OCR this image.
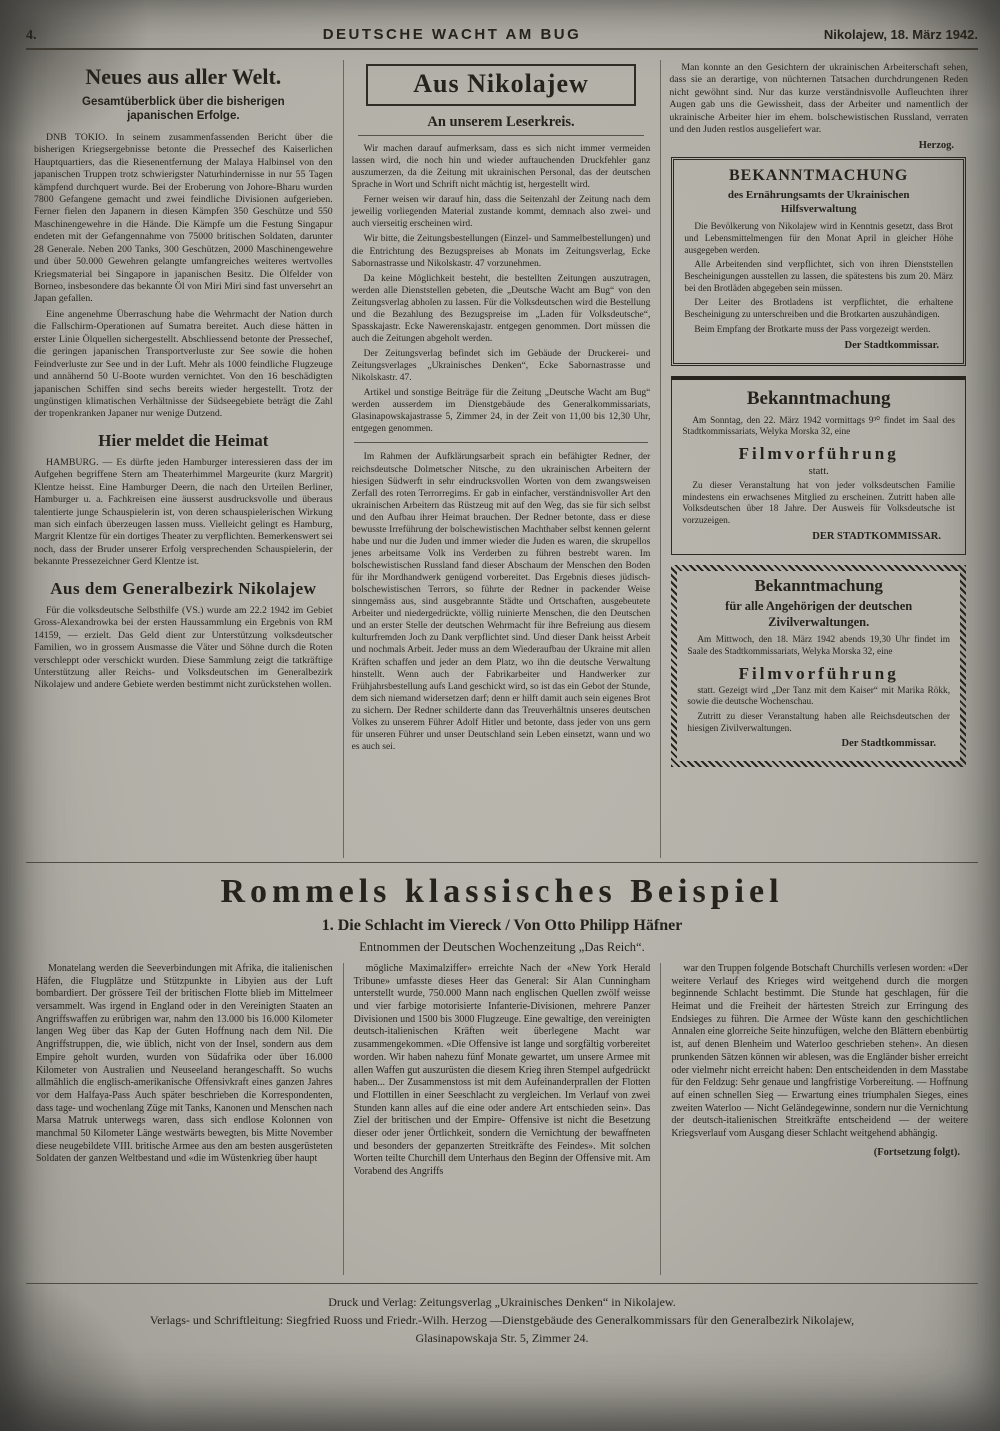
4.	DEUTSCHE WACHT AM BUG	Nikolajew, 18. März 1942.
Neues aus aller Welt.
Gesamtüberblick über die bisherigen japanischen Erfolge.

DNB TOKIO. In seinem zusammenfassenden Bericht über die bisherigen Kriegsergebnisse betonte die Pressechef des Kaiserlichen Hauptquartiers, das die Riesenentfernung der Malaya Halbinsel von den japanischen Truppen trotz schwierigster Naturhindernisse in nur 55 Tagen kämpfend durchquert wurde. Bei der Eroberung von Johore-Bharu wurden 7800 Gefangene gemacht und zwei feindliche Divisionen aufgerieben. Ferner fielen den Japanern in diesen Kämpfen 350 Geschütze und 550 Maschinengewehre in die Hände. Die Kämpfe um die Festung Singapur endeten mit der Gefangennahme von 75000 britischen Soldaten, darunter 28 Generale. Neben 200 Tanks, 300 Geschützen, 2000 Maschinengewehre und über 50.000 Gewehren gelangte umfangreiches weiteres wertvolles Kriegsmaterial bei Singapore in japanischen Besitz. Die Ölfelder von Borneo, insbesondere das bekannte Öl von Miri Miri sind fast unversehrt an Japan gefallen.

Eine angenehme Überraschung habe die Wehrmacht der Nation durch die Fallschirm-Operationen auf Sumatra bereitet. Auch diese hätten in erster Linie Ölquellen sichergestellt. Abschliessend betonte der Pressechef, die geringen japanischen Transportverluste zur See sowie die hohen Feindverluste zur See und in der Luft. Mehr als 1000 feindliche Flugzeuge und annähernd 50 U-Boote wurden vernichtet. Von den 16 beschädigten japanischen Schiffen sind sechs bereits wieder hergestellt. Trotz der ungünstigen klimatischen Verhältnisse der Südseegebiete beträgt die Zahl der tropenkranken Japaner nur wenige Dutzend.

Hier meldet die Heimat

HAMBURG. — Es dürfte jeden Hamburger interessieren dass der im Aufgehen begriffene Stern am Theaterhimmel Margeurite (kurz Margrit) Klentze heisst. Eine Hamburger Deern, die nach den Urteilen Berliner, Hamburger u. a. Fachkreisen eine äusserst ausdrucksvolle und überaus talentierte junge Schauspielerin ist, von deren schauspielerischen Wirkung man sich einfach überzeugen lassen muss. Vielleicht gelingt es Hamburg, Margrit Klentze für ein dortiges Theater zu verpflichten. Bemerkenswert sei noch, dass der Bruder unserer Erfolg versprechenden Schauspielerin, der bekannte Pressezeichner Gerd Klentze ist.

Aus dem Generalbezirk Nikolajew

Für die volksdeutsche Selbsthilfe (VS.) wurde am 22.2 1942 im Gebiet Gross-Alexandrowka bei der ersten Haussammlung ein Ergebnis von RM 14159, — erzielt. Das Geld dient zur Unterstützung volksdeutscher Familien, wo in grossem Ausmasse die Väter und Söhne durch die Roten verschleppt oder verschickt wurden. Diese Sammlung zeigt die tatkräftige Unterstützung aller Reichs- und Volksdeutschen im Generalbezirk Nikolajew und andere Gebiete werden bestimmt nicht zurückstehen wollen.

Aus Nikolajew
An unserem Leserkreis.

Wir machen darauf aufmerksam, dass es sich nicht immer vermeiden lassen wird, die noch hin und wieder auftauchenden Druckfehler ganz auszumerzen, da die Zeitung mit ukrainischen Personal, das der deutschen Sprache in Wort und Schrift nicht mächtig ist, hergestellt wird.

Ferner weisen wir darauf hin, dass die Seitenzahl der Zeitung nach dem jeweilig vorliegenden Material zustande kommt, demnach also zwei- und auch vierseitig erscheinen wird.

Wir bitte, die Zeitungsbestellungen (Einzel- und Sammelbestellungen) und die Entrichtung des Bezugspreises ab Monats im Zeitungsverlag, Ecke Sabornastrasse und Nikolskastr. 47 vorzunehmen.

Da keine Möglichkeit besteht, die bestellten Zeitungen auszutragen, werden alle Dienststellen gebeten, die „Deutsche Wacht am Bug“ von den Zeitungsverlag abholen zu lassen. Für die Volksdeutschen wird die Bestellung und die Bezahlung des Bezugspreise im „Laden für Volksdeutsche“, Spasskajastr. Ecke Nawerenskajastr. entgegen genommen. Dort müssen die auch die Zeitungen abgeholt werden.

Der Zeitungsverlag befindet sich im Gebäude der Druckerei- und Zeitungsverlages „Ukrainisches Denken“, Ecke Sabornastrasse und Nikolskastr. 47.

Artikel und sonstige Beiträge für die Zeitung „Deutsche Wacht am Bug“ werden ausserdem im Dienstgebäude des Generalkommissariats, Glasinapowskajastrasse 5, Zimmer 24, in der Zeit von 11,00 bis 12,30 Uhr, entgegen genommen.

Im Rahmen der Aufklärungsarbeit sprach ein befähigter Redner, der reichsdeutsche Dolmetscher Nitsche, zu den ukrainischen Arbeitern der hiesigen Südwerft in sehr eindrucksvollen Worten von dem zwangsweisen Zerfall des roten Terrorregims. Er gab in einfacher, verständnisvoller Art den ukrainischen Arbeitern das Rüstzeug mit auf den Weg, das sie für sich selbst und den Aufbau ihrer Heimat brauchen. Der Redner betonte, dass er diese bewusste Irreführung der bolschewistischen Machthaber selbst kennen gelernt habe und nur die Juden und immer wieder die Juden es waren, die skrupellos jenes arbeitsame Volk ins Verderben zu führen bestrebt waren. Im bolschewistischen Russland fand dieser Abschaum der Menschen den Boden für ihr Mordhandwerk genügend vorbereitet. Das Ergebnis dieses jüdisch-bolschewistischen Terrors, so führte der Redner in packender Weise sinngemäss aus, sind ausgebrannte Städte und Ortschaften, ausgebeutete Arbeiter und niedergedrückte, völlig ruinierte Menschen, die den Deutschen und an erster Stelle der deutschen Wehrmacht für ihre Befreiung aus diesem kulturfremden Joch zu Dank verpflichtet sind. Und dieser Dank heisst Arbeit und nochmals Arbeit. Jeder muss an dem Wiederaufbau der Ukraine mit allen Kräften schaffen und jeder an dem Platz, wo ihn die deutsche Verwaltung hinstellt. Wenn auch der Fabrikarbeiter und Handwerker zur Frühjahrsbestellung aufs Land geschickt wird, so ist das ein Gebot der Stunde, dem sich niemand widersetzen darf; denn er hilft damit auch sein eigenes Brot zu sichern. Der Redner schilderte dann das Treuverhältnis unseres deutschen Volkes zu unserem Führer Adolf Hitler und betonte, dass jeder von uns gern für unseren Führer und unser Deutschland sein Leben einsetzt, wann und wo es auch sei.

Man konnte an den Gesichtern der ukrainischen Arbeiterschaft sehen, dass sie an derartige, von nüchternen Tatsachen durchdrungenen Reden nicht gewöhnt sind. Nur das kurze verständnisvolle Aufleuchten ihrer Augen gab uns die Gewissheit, dass der Arbeiter und namentlich der ukrainische Arbeiter hier im ehem. bolschewistischen Russland, verraten und den Juden restlos ausgeliefert war.

Herzog.
BEKANNTMACHUNG
des Ernährungsamts der Ukrainischen Hilfsverwaltung

Die Bevölkerung von Nikolajew wird in Kenntnis gesetzt, dass Brot und Lebensmittelmengen für den Monat April in gleicher Höhe ausgegeben werden.

Alle Arbeitenden sind verpflichtet, sich von ihren Dienststellen Bescheinigungen ausstellen zu lassen, die spätestens bis zum 20. März bei den Brotläden abgegeben sein müssen.

Der Leiter des Brotladens ist verpflichtet, die erhaltene Bescheinigung zu unterschreiben und die Brotkarten auszuhändigen.

Beim Empfang der Brotkarte muss der Pass vorgezeigt werden.

Der Stadtkommissar.
Bekanntmachung

Am Sonntag, den 22. März 1942 vormittags 9³⁰ findet im Saal des Stadtkommissariats, Welyka Morska 32, eine

Filmvorführung
statt.

Zu dieser Veranstaltung hat von jeder volksdeutschen Familie mindestens ein erwachsenes Mitglied zu erscheinen. Zutritt haben alle Volksdeutschen über 18 Jahre. Der Ausweis für Volksdeutsche ist vorzuzeigen.

DER STADTKOMMISSAR.
Bekanntmachung
für alle Angehörigen der deutschen Zivilverwaltungen.

Am Mittwoch, den 18. März 1942 abends 19,30 Uhr findet im Saale des Stadtkommissariats, Welyka Morska 32, eine

Filmvorführung

statt. Gezeigt wird „Der Tanz mit dem Kaiser“ mit Marika Rökk, sowie die deutsche Wochenschau.

Zutritt zu dieser Veranstaltung haben alle Reichsdeutschen der hiesigen Zivilverwaltungen.

Der Stadtkommissar.
Rommels klassisches Beispiel
1. Die Schlacht im Viereck / Von Otto Philipp Häfner
Entnommen der Deutschen Wochenzeitung „Das Reich“.

Monatelang werden die Seeverbindungen mit Afrika, die italienischen Häfen, die Flugplätze und Stützpunkte in Libyien aus der Luft bombardiert. Der grössere Teil der britischen Flotte blieb im Mittelmeer versammelt. Was irgend in England oder in den Vereinigten Staaten an Angriffswaffen zu erübrigen war, nahm den 13.000 bis 16.000 Kilometer langen Weg über das Kap der Guten Hoffnung nach dem Nil. Die Angriffstruppen, die, wie üblich, nicht von der Insel, sondern aus dem Empire geholt wurden, wurden von Südafrika oder über 16.000 Kilometer von Australien und Neuseeland herangeschafft. So wuchs allmählich die englisch-amerikanische Offensivkraft eines ganzen Jahres vor dem Halfaya-Pass Auch später beschrieben die Korrespondenten, dass tage- und wochenlang Züge mit Tanks, Kanonen und Menschen nach Marsa Matruk unterwegs waren, dass sich endlose Kolonnen von manchmal 50 Kilometer Länge westwärts bewegten, bis Mitte November diese neugebildete VIII. britische Armee aus den am besten ausgerüsteten Soldaten der ganzen Weltbestand und «die im Wüstenkrieg über haupt

mögliche Maximalziffer» erreichte Nach der «New York Herald Tribune» umfasste dieses Heer das General: Sir Alan Cunningham unterstellt wurde, 750.000 Mann nach englischen Quellen zwölf weisse und vier farbige motorisierte Infanterie-Divisionen, mehrere Panzer Divisionen und 1500 bis 3000 Flugzeuge. Eine gewaltige, den vereinigten deutsch-italienischen Kräften weit überlegene Macht war zusammengekommen. «Die Offensive ist lange und sorgfältig vorbereitet worden. Wir haben nahezu fünf Monate gewartet, um unsere Armee mit allen Waffen gut auszurüsten die diesem Krieg ihren Stempel aufgedrückt haben... Der Zusammenstoss ist mit dem Aufeinanderprallen der Flotten und Flottillen in einer Seeschlacht zu vergleichen. Im Verlauf von zwei Stunden kann alles auf die eine oder andere Art entschieden sein». Das Ziel der britischen und der Empire- Offensive ist nicht die Besetzung dieser oder jener Örtlichkeit, sondern die Vernichtung der bewaffneten und besonders der gepanzerten Streitkräfte des Feindes». Mit solchen Worten teilte Churchill dem Unterhaus den Beginn der Offensive mit. Am Vorabend des Angriffs

war den Truppen folgende Botschaft Churchills verlesen worden: «Der weitere Verlauf des Krieges wird weitgehend durch die morgen beginnende Schlacht bestimmt. Die Stunde hat geschlagen, für die Heimat und die Freiheit der härtesten Streich zur Erringung des Endsieges zu führen. Die Armee der Wüste kann den geschichtlichen Annalen eine glorreiche Seite hinzufügen, welche den Blättern ebenbürtig ist, auf denen Blenheim und Waterloo geschrieben stehen». An diesen prunkenden Sätzen können wir ablesen, was die Engländer bisher erreicht oder vielmehr nicht erreicht haben: Den entscheidenden in dem Masstabe für den Feldzug: Sehr genaue und langfristige Vorbereitung. — Hoffnung auf einen schnellen Sieg — Erwartung eines triumphalen Sieges, eines zweiten Waterloo — Nicht Geländegewinne, sondern nur die Vernichtung der deutsch-italienischen Streitkräfte entscheidend — der weitere Kriegsverlauf vom Ausgang dieser Schlacht weitgehend abhängig.

(Fortsetzung folgt).
Druck und Verlag: Zeitungsverlag „Ukrainisches Denken“ in Nikolajew.
Verlags- und Schriftleitung: Siegfried Ruoss und Friedr.-Wilh. Herzog —Dienstgebäude des Generalkommissars für den Generalbezirk Nikolajew,
Glasinapowskaja Str. 5, Zimmer 24.
